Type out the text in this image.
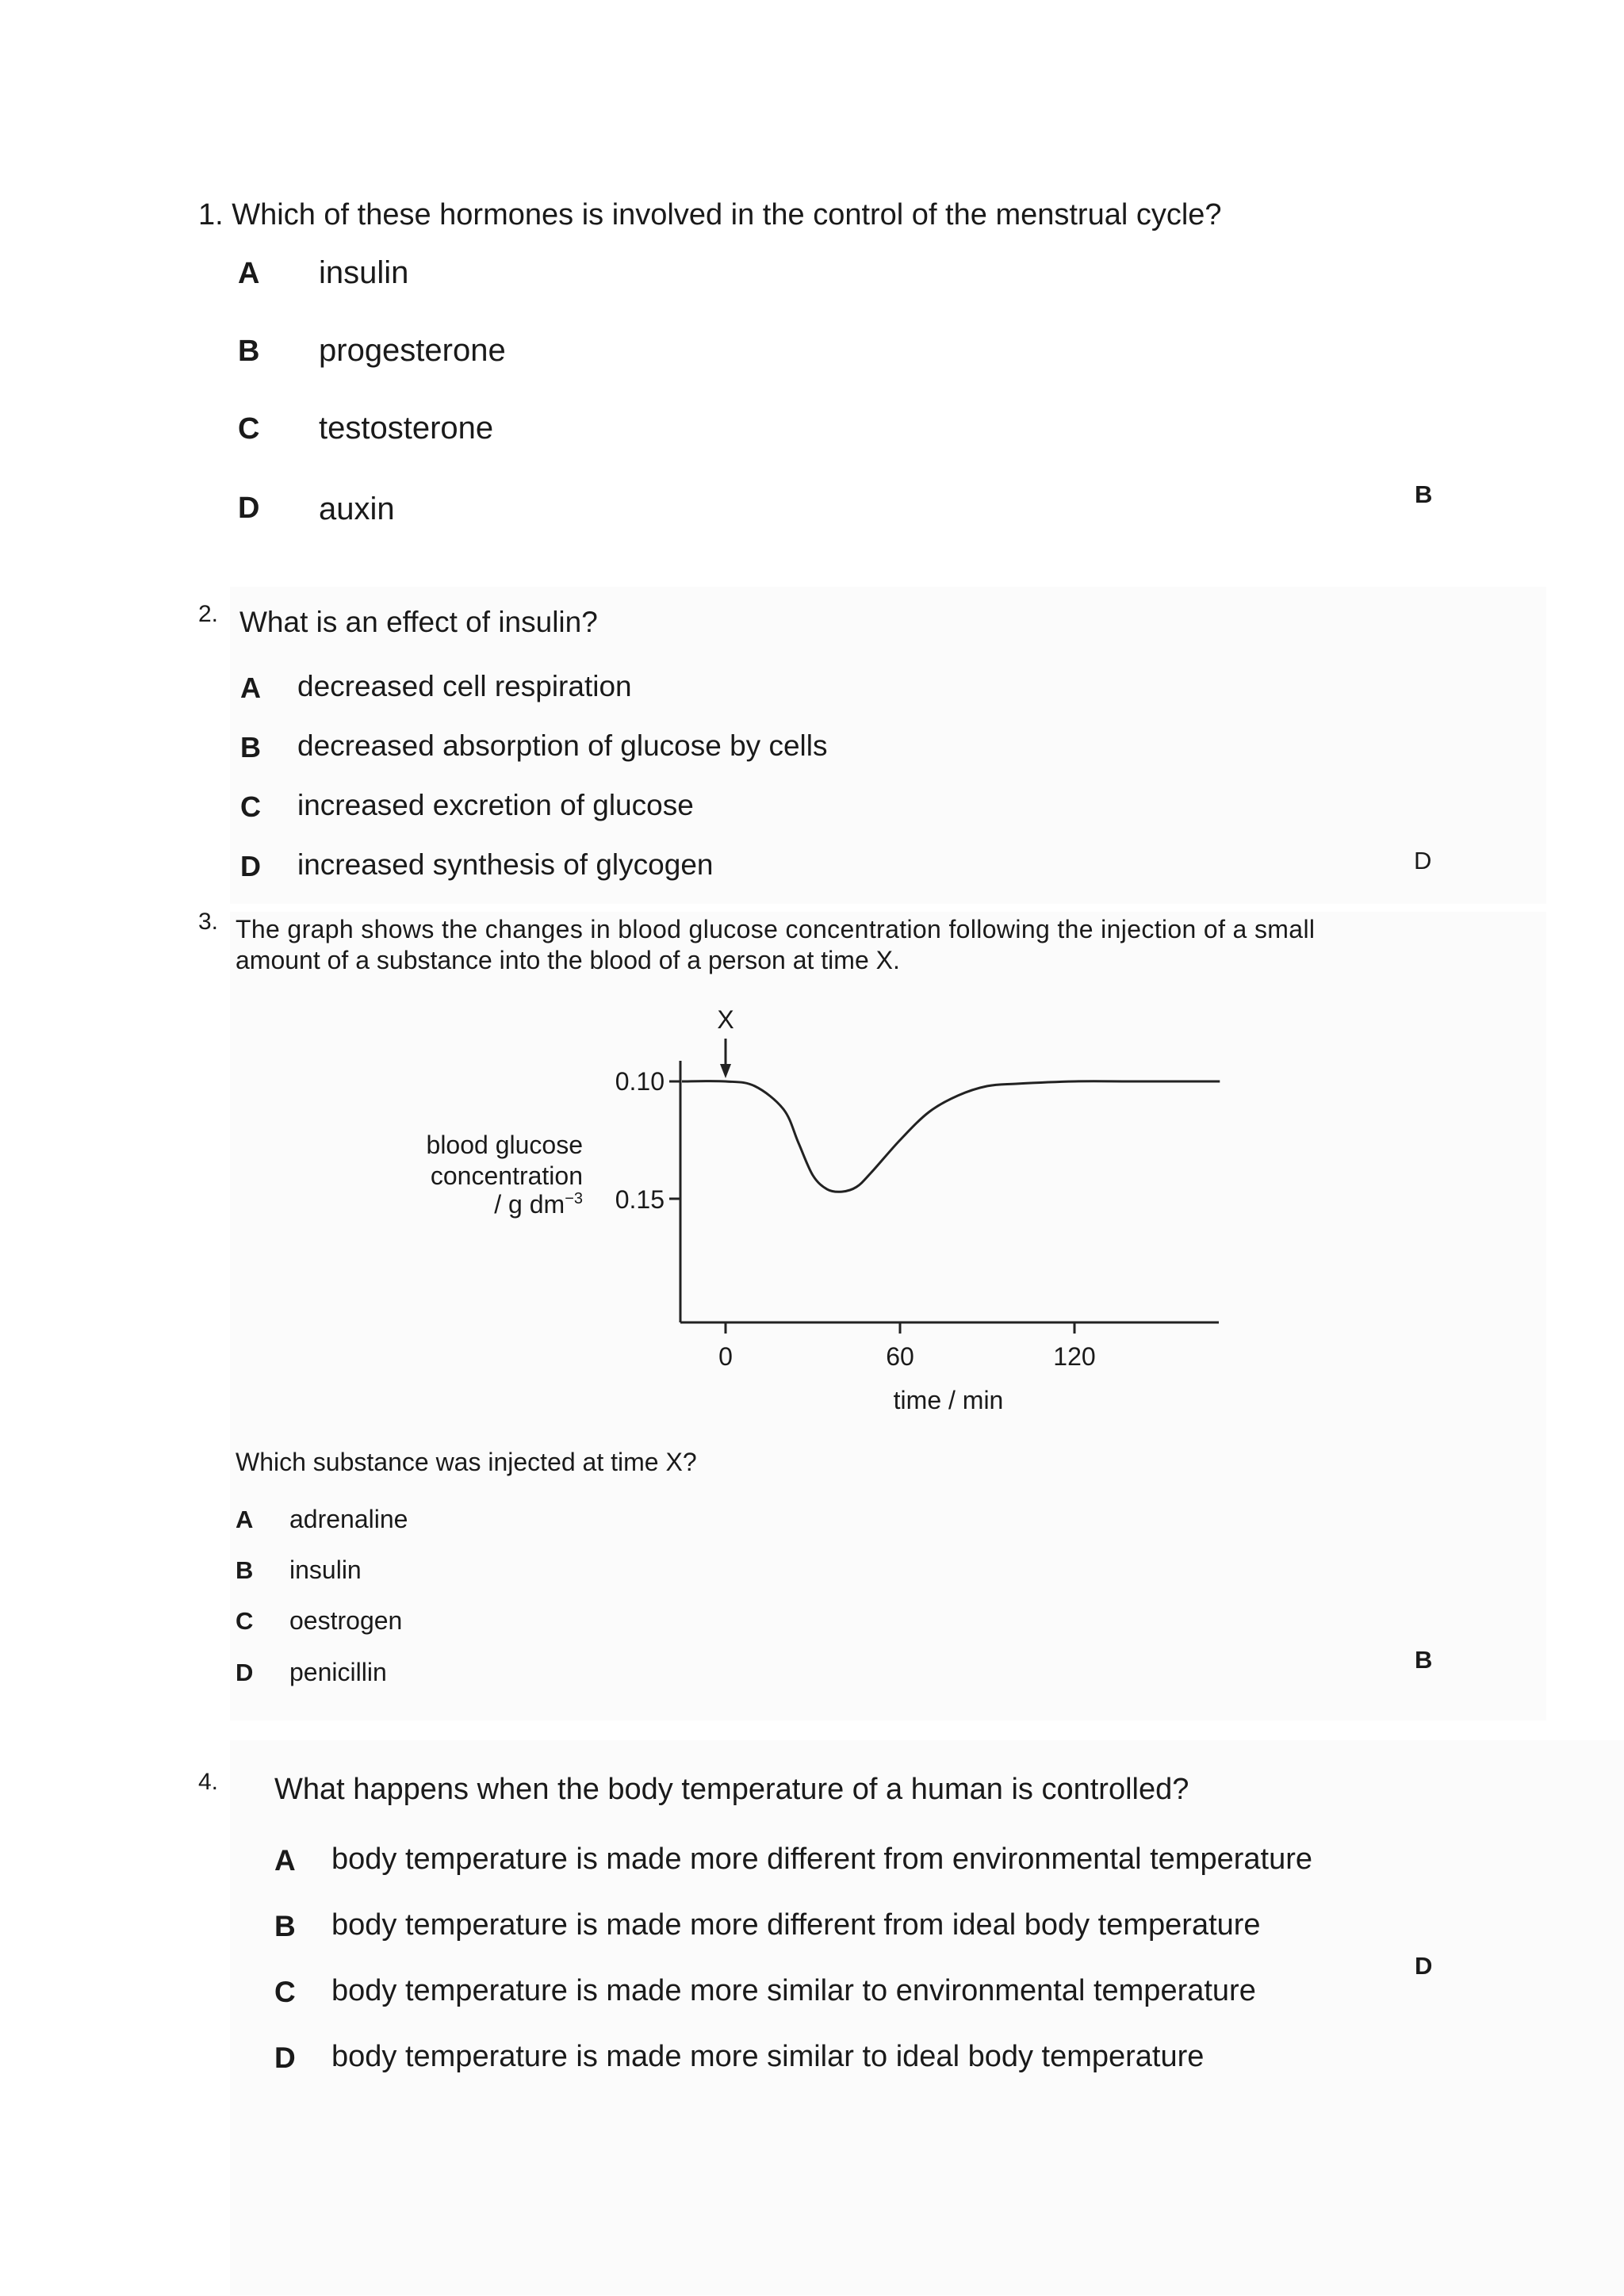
1. Which of these hormones is involved in the control of the menstrual cycle?
A insulin
B progesterone
C testosterone
D auxin	B
2. What is an effect of insulin?
A decreased cell respiration
B decreased absorption of glucose by cells
C increased excretion of glucose
D increased synthesis of glycogen	D
3. The graph shows the changes in blood glucose concentration following the injection of a small
amount of a substance into the blood of a person at time X.
0.10
0.15
0	60	120
time / min
blood glucose
concentration
/ g $dm^{-3}$
X
Which substance was injected at time X?
A adrenaline
B insulin
C oestrogen
D penicillin	B
4. What happens when the body temperature of a human is controlled?
A body temperature is made more different from environmental temperature
B body temperature is made more different from ideal body temperature
C body temperature is made more similar to environmental temperature
D body temperature is made more similar to ideal body temperature
D
